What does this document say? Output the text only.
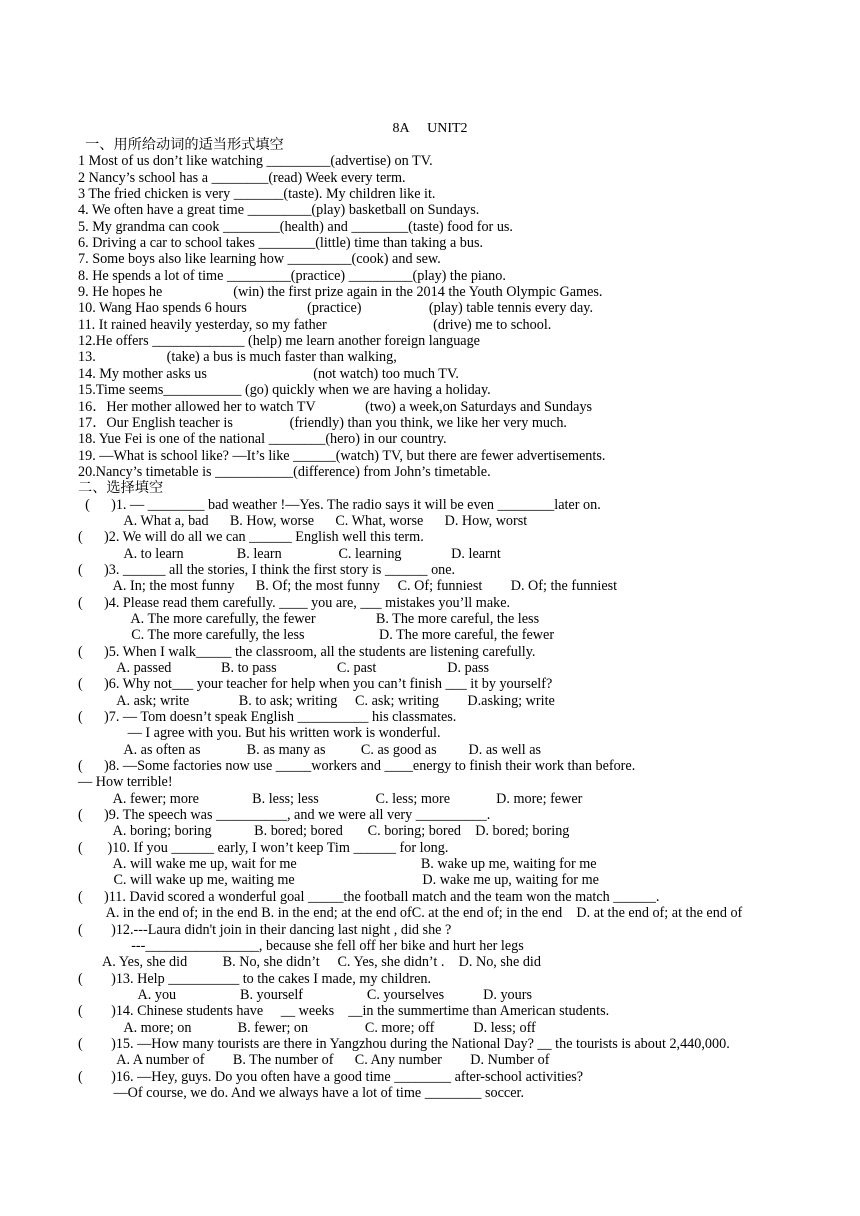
8A UNIT2
一、用所给动词的适当形式填空
1 Most of us don’t like watching _________(advertise) on TV.
2 Nancy’s school has a ________(read) Week every term.
3 The fried chicken is very _______(taste). My children like it.
4. We often have a great time _________(play) basketball on Sundays.
5. My grandma can cook ________(health) and ________(taste) food for us.
6. Driving a car to school takes ________(little) time than taking a bus.
7. Some boys also like learning how _________(cook) and sew.
8. He spends a lot of time _________(practice) _________(play) the piano.
9. He hopes he                    (win) the first prize again in the 2014 the Youth Olympic Games.
10. Wang Hao spends 6 hours                 (practice)                   (play) table tennis every day.
11. It rained heavily yesterday, so my father                              (drive) me to school.
12.He offers _____________ (help) me learn another foreign language
13.                    (take) a bus is much faster than walking,
14. My mother asks us                              (not watch) too much TV.
15.Time seems___________ (go) quickly when we are having a holiday.
16．Her mother allowed her to watch TV              (two) a week,on Saturdays and Sundays
17．Our English teacher is                (friendly) than you think, we like her very much.
18. Yue Fei is one of the national ________(hero) in our country.
19. —What is school like? —It’s like ______(watch) TV, but there are fewer advertisements.
20.Nancy’s timetable is ___________(difference) from John’s timetable.
二、选择填空
(      )1. — ________ bad weather !—Yes. The radio says it will be even ________later on.
A. What a, bad      B. How, worse      C. What, worse      D. How, worst
(      )2. We will do all we can ______ English well this term.
A. to learn               B. learn                C. learning              D. learnt
(      )3. ______ all the stories, I think the first story is ______ one.
A. In; the most funny      B. Of; the most funny     C. Of; funniest        D. Of; the funniest
(      )4. Please read them carefully. ____ you are, ___ mistakes you’ll make.
A. The more carefully, the fewer                 B. The more careful, the less
C. The more carefully, the less                     D. The more careful, the fewer
(      )5. When I walk_____ the classroom, all the students are listening carefully.
A. passed              B. to pass                 C. past                    D. pass
(      )6. Why not___ your teacher for help when you can’t finish ___ it by yourself?
A. ask; write              B. to ask; writing     C. ask; writing        D.asking; write
(      )7. — Tom doesn’t speak English __________ his classmates.
— I agree with you. But his written work is wonderful.
A. as often as             B. as many as          C. as good as         D. as well as
(      )8. —Some factories now use _____workers and ____energy to finish their work than before.
— How terrible!
A. fewer; more               B. less; less                C. less; more             D. more; fewer
(      )9. The speech was __________, and we were all very __________.
A. boring; boring            B. bored; bored       C. boring; bored    D. bored; boring
(       )10. If you ______ early, I won’t keep Tim ______ for long.
A. will wake me up, wait for me                                   B. wake up me, waiting for me
C. will wake up me, waiting me                                    D. wake me up, waiting for me
(      )11. David scored a wonderful goal _____the football match and the team won the match ______.
A. in the end of; in the end B. in the end; at the end ofC. at the end of; in the end    D. at the end of; at the end of
(        )12.---Laura didn't join in their dancing last night , did she ?
---________________, because she fell off her bike and hurt her legs
A. Yes, she did          B. No, she didn’t     C. Yes, she didn’t .    D. No, she did
(        )13. Help __________ to the cakes I made, my children.
A. you                  B. yourself                  C. yourselves           D. yours
(        )14. Chinese students have     __ weeks    __in the summertime than American students.
A. more; on             B. fewer; on                C. more; off           D. less; off
(        )15. —How many tourists are there in Yangzhou during the National Day? __ the tourists is about 2,440,000.
A. A number of        B. The number of      C. Any number        D. Number of
(        )16. —Hey, guys. Do you often have a good time ________ after-school activities?
—Of course, we do. And we always have a lot of time ________ soccer.
